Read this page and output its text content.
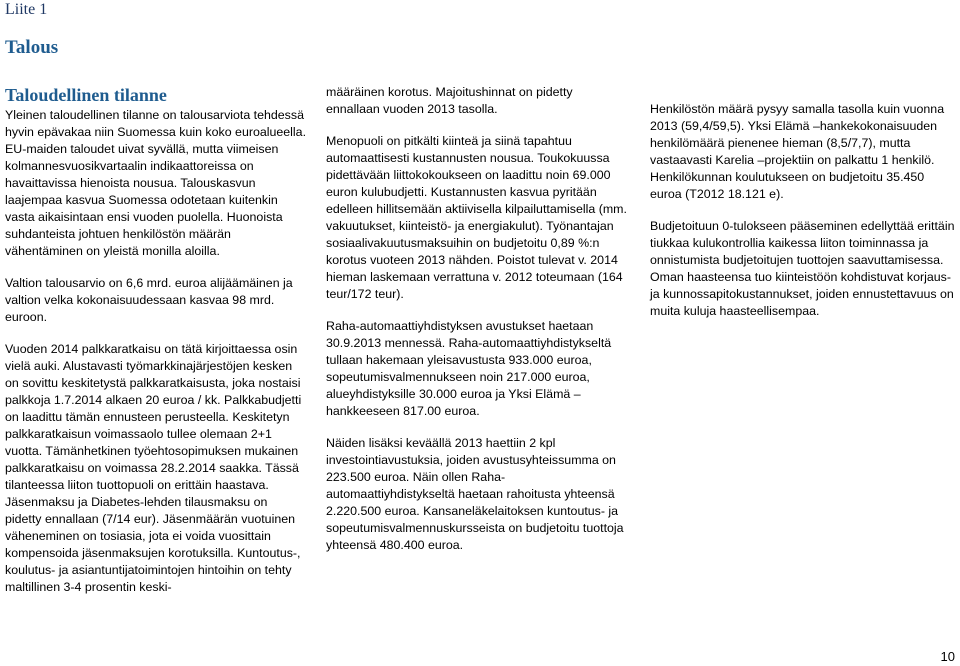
Liite 1
Talous
Taloudellinen tilanne

Yleinen taloudellinen tilanne on talousarviota tehdessä hyvin epävakaa niin Suomessa kuin koko euroalueella. EU-maiden taloudet uivat syvällä, mutta viimeisen kolmannesvuosikvartaalin indikaattoreissa on havaittavissa hienoista nousua. Talouskasvun laajempaa kasvua Suomessa odotetaan kuitenkin vasta aikaisintaan ensi vuoden puolella. Huonoista suhdanteista johtuen henkilöstön määrän vähentäminen on yleistä monilla aloilla.

Valtion talousarvio on 6,6 mrd. euroa alijäämäinen ja valtion velka kokonaisuudessaan kasvaa 98 mrd. euroon.

Vuoden 2014 palkkaratkaisu on tätä kirjoittaessa osin vielä auki. Alustavasti työmarkkinajärjestöjen kesken on sovittu keskitetystä palkkaratkaisusta, joka nostaisi palkkoja 1.7.2014 alkaen 20 euroa / kk. Palkkabudjetti on laadittu tämän ennusteen perusteella. Keskitetyn palkkaratkaisun voimassaolo tullee olemaan 2+1 vuotta. Tämänhetkinen työehtosopimuksen mukainen palkkaratkaisu on voimassa 28.2.2014 saakka. Tässä tilanteessa liiton tuottopuoli on erittäin haastava. Jäsenmaksu ja Diabetes-lehden tilausmaksu on pidetty ennallaan (7/14 eur). Jäsenmäärän vuotuinen väheneminen on tosiasia, jota ei voida vuosittain kompensoida jäsenmaksujen korotuksilla. Kuntoutus-, koulutus- ja asiantuntijatoimintojen hintoihin on tehty maltillinen 3-4 prosentin keski-

määräinen korotus. Majoitushinnat on pidetty ennallaan vuoden 2013 tasolla.

Menopuoli on pitkälti kiinteä ja siinä tapahtuu automaattisesti kustannusten nousua. Toukokuussa pidettävään liittokokoukseen on laadittu noin 69.000 euron kulubudjetti. Kustannusten kasvua pyritään edelleen hillitsemään aktiivisella kilpailuttamisella (mm. vakuutukset, kiinteistö- ja energiakulut). Työnantajan sosiaalivakuutusmaksuihin on budjetoitu 0,89 %:n korotus vuoteen 2013 nähden. Poistot tulevat v. 2014 hieman laskemaan verrattuna v. 2012 toteumaan (164 teur/172 teur).

Raha-automaattiyhdistyksen avustukset haetaan 30.9.2013 mennessä. Raha-automaattiyhdistykseltä tullaan hakemaan yleisavustusta 933.000 euroa, sopeutumisvalmennukseen noin 217.000 euroa, alueyhdistyksille 30.000 euroa ja Yksi Elämä –hankkeeseen 817.00 euroa.

Näiden lisäksi keväällä 2013 haettiin 2 kpl investointiavustuksia, joiden avustusyhteissumma on 223.500 euroa. Näin ollen Raha-automaattiyhdistykseltä haetaan rahoitusta yhteensä 2.220.500 euroa. Kansaneläkelaitoksen kuntoutus- ja sopeutumisvalmennuskursseista on budjetoitu tuottoja yhteensä 480.400 euroa.

Henkilöstön määrä pysyy samalla tasolla kuin vuonna 2013 (59,4/59,5). Yksi Elämä –hankekokonaisuuden henkilömäärä pienenee hieman (8,5/7,7), mutta vastaavasti Karelia –projektiin on palkattu 1 henkilö. Henkilökunnan koulutukseen on budjetoitu 35.450 euroa (T2012 18.121 e).

Budjetoituun 0-tulokseen pääseminen edellyttää erittäin tiukkaa kulukontrollia kaikessa liiton toiminnassa ja onnistumista budjetoitujen tuottojen saavuttamisessa. Oman haasteensa tuo kiinteistöön kohdistuvat korjaus- ja kunnossapitokustannukset, joiden ennustettavuus on muita kuluja haasteellisempaa.

10
